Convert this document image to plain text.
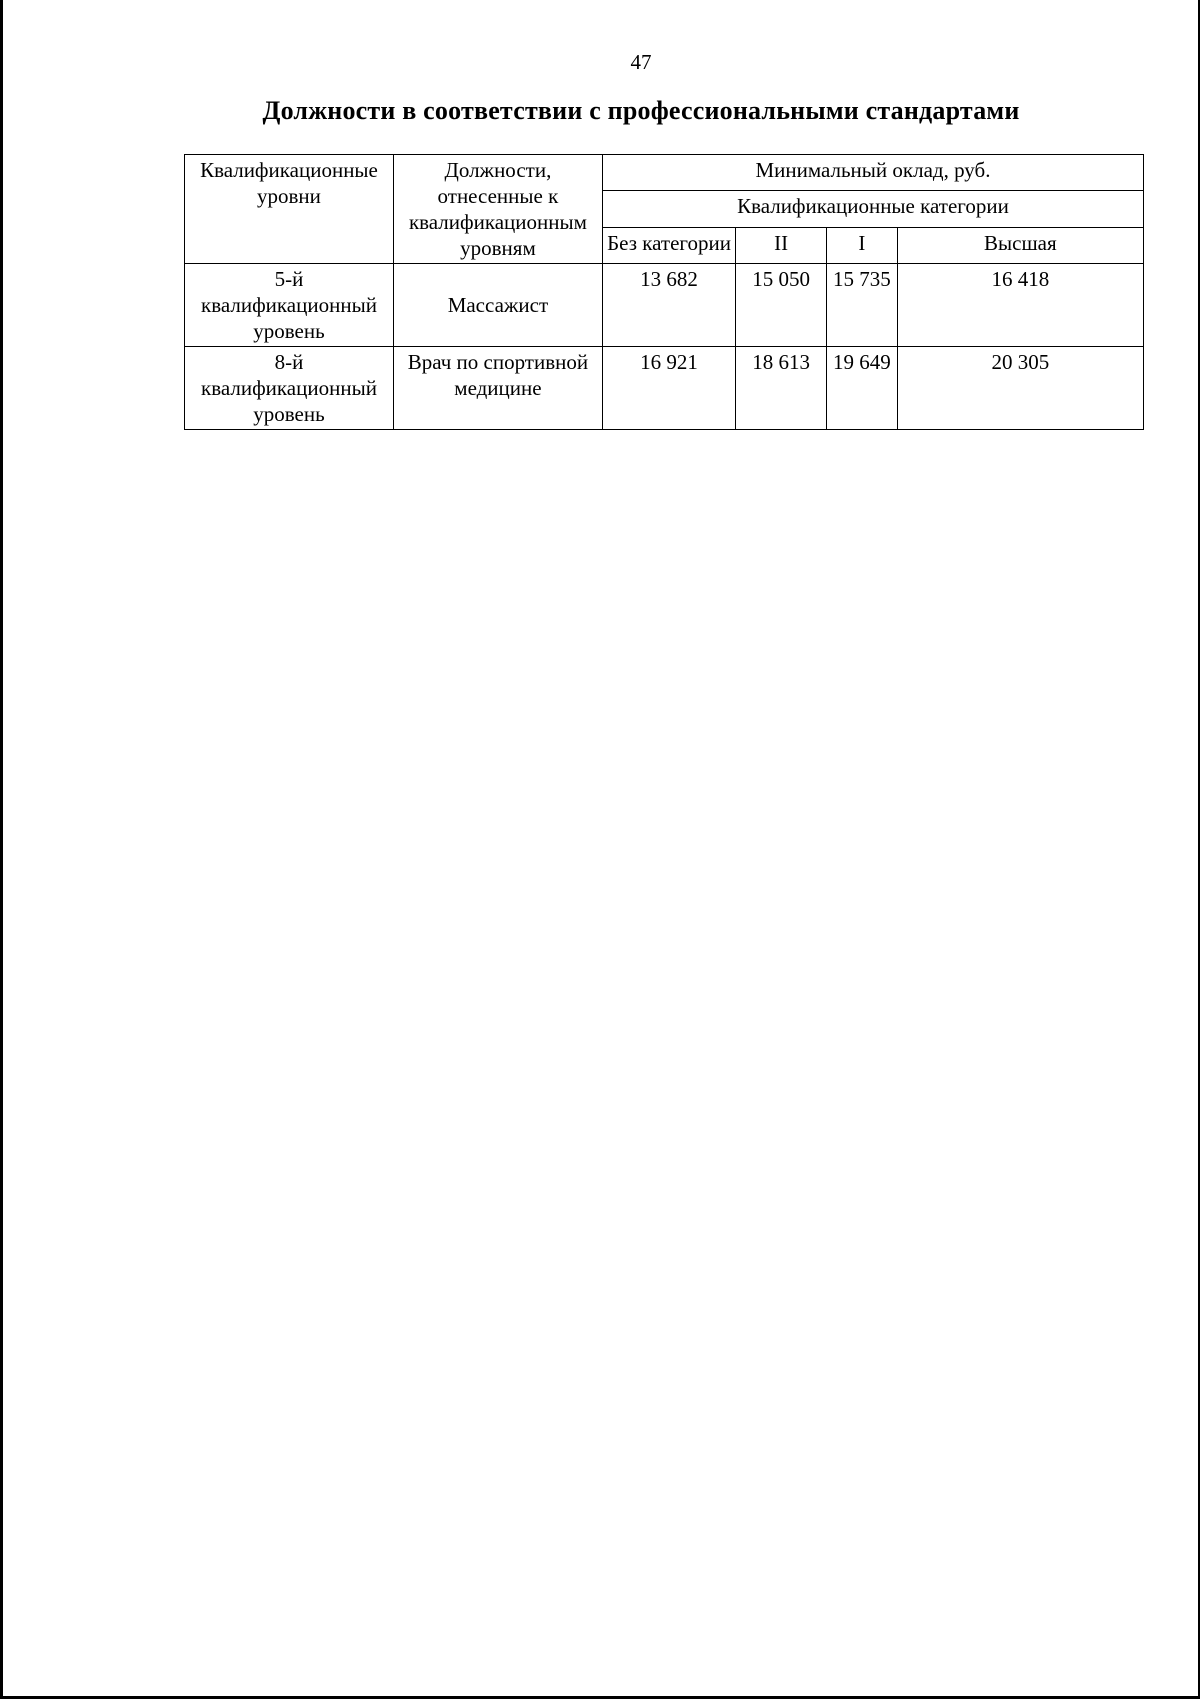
47
Должности в соответствии с профессиональными стандартами
Квалификационные уровни	Должности, отнесенные к квалификационным уровням	Минимальный оклад, руб.			
		Квалификационные категории			
		Без категории	II	I	Высшая
5-й квалификационный уровень	Массажист	13 682	15 050	15 735	16 418
8-й квалификационный уровень	Врач по спортивной медицине	16 921	18 613	19 649	20 305
